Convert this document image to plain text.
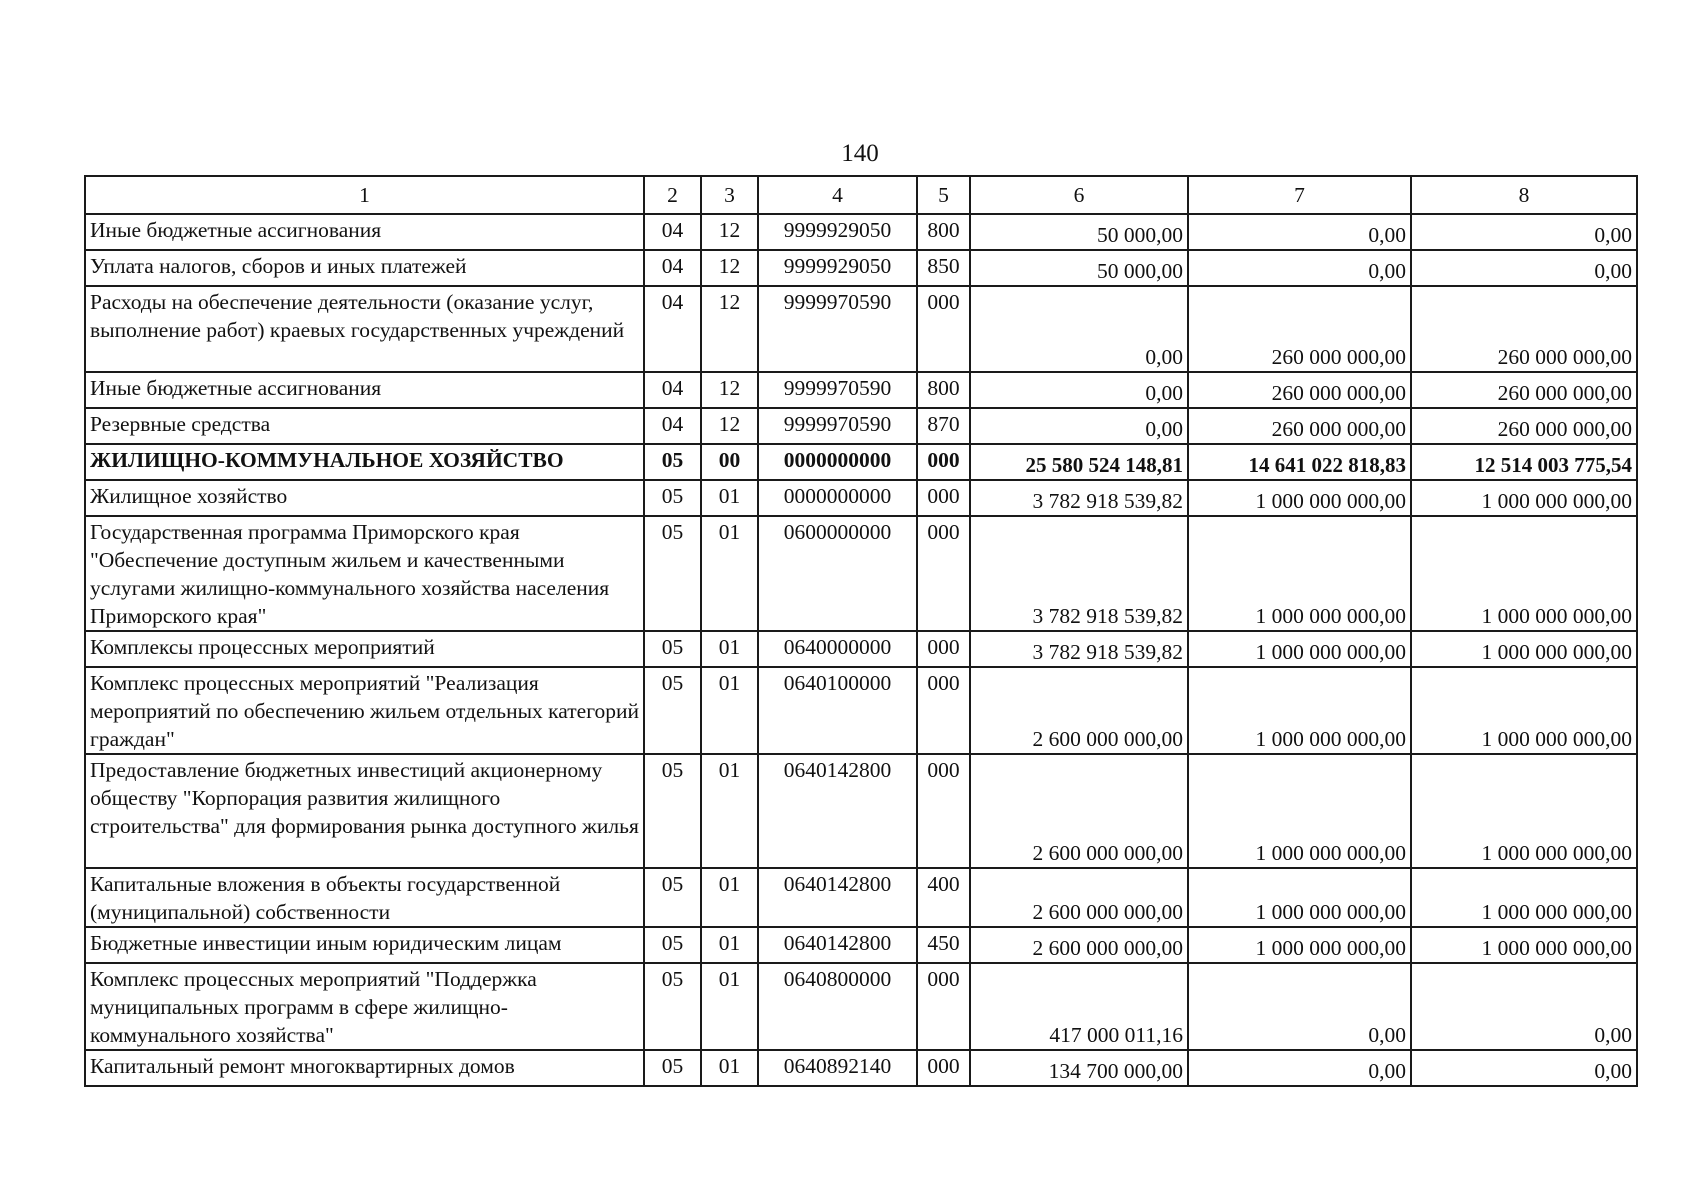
140
1	2	3	4	5	6	7	8
Иные бюджетные ассигнования	04	12	9999929050	800	50 000,00	0,00	0,00
Уплата налогов, сборов и иных платежей	04	12	9999929050	850	50 000,00	0,00	0,00
Расходы на обеспечение деятельности (оказание услуг, выполнение работ) краевых государственных учреждений	04	12	9999970590	000	0,00	260 000 000,00	260 000 000,00
Иные бюджетные ассигнования	04	12	9999970590	800	0,00	260 000 000,00	260 000 000,00
Резервные средства	04	12	9999970590	870	0,00	260 000 000,00	260 000 000,00
ЖИЛИЩНО-КОММУНАЛЬНОЕ ХОЗЯЙСТВО	05	00	0000000000	000	25 580 524 148,81	14 641 022 818,83	12 514 003 775,54
Жилищное хозяйство	05	01	0000000000	000	3 782 918 539,82	1 000 000 000,00	1 000 000 000,00
Государственная программа Приморского края "Обеспечение доступным жильем и качественными услугами жилищно-коммунального хозяйства населения Приморского края"	05	01	0600000000	000	3 782 918 539,82	1 000 000 000,00	1 000 000 000,00
Комплексы процессных мероприятий	05	01	0640000000	000	3 782 918 539,82	1 000 000 000,00	1 000 000 000,00
Комплекс процессных мероприятий "Реализация мероприятий по обеспечению жильем отдельных категорий граждан"	05	01	0640100000	000	2 600 000 000,00	1 000 000 000,00	1 000 000 000,00
Предоставление бюджетных инвестиций акционерному обществу "Корпорация развития жилищного строительства" для формирования рынка доступного жилья	05	01	0640142800	000	2 600 000 000,00	1 000 000 000,00	1 000 000 000,00
Капитальные вложения в объекты государственной (муниципальной) собственности	05	01	0640142800	400	2 600 000 000,00	1 000 000 000,00	1 000 000 000,00
Бюджетные инвестиции иным юридическим лицам	05	01	0640142800	450	2 600 000 000,00	1 000 000 000,00	1 000 000 000,00
Комплекс процессных мероприятий "Поддержка муниципальных программ в сфере жилищно-коммунального хозяйства"	05	01	0640800000	000	417 000 011,16	0,00	0,00
Капитальный ремонт многоквартирных домов	05	01	0640892140	000	134 700 000,00	0,00	0,00
